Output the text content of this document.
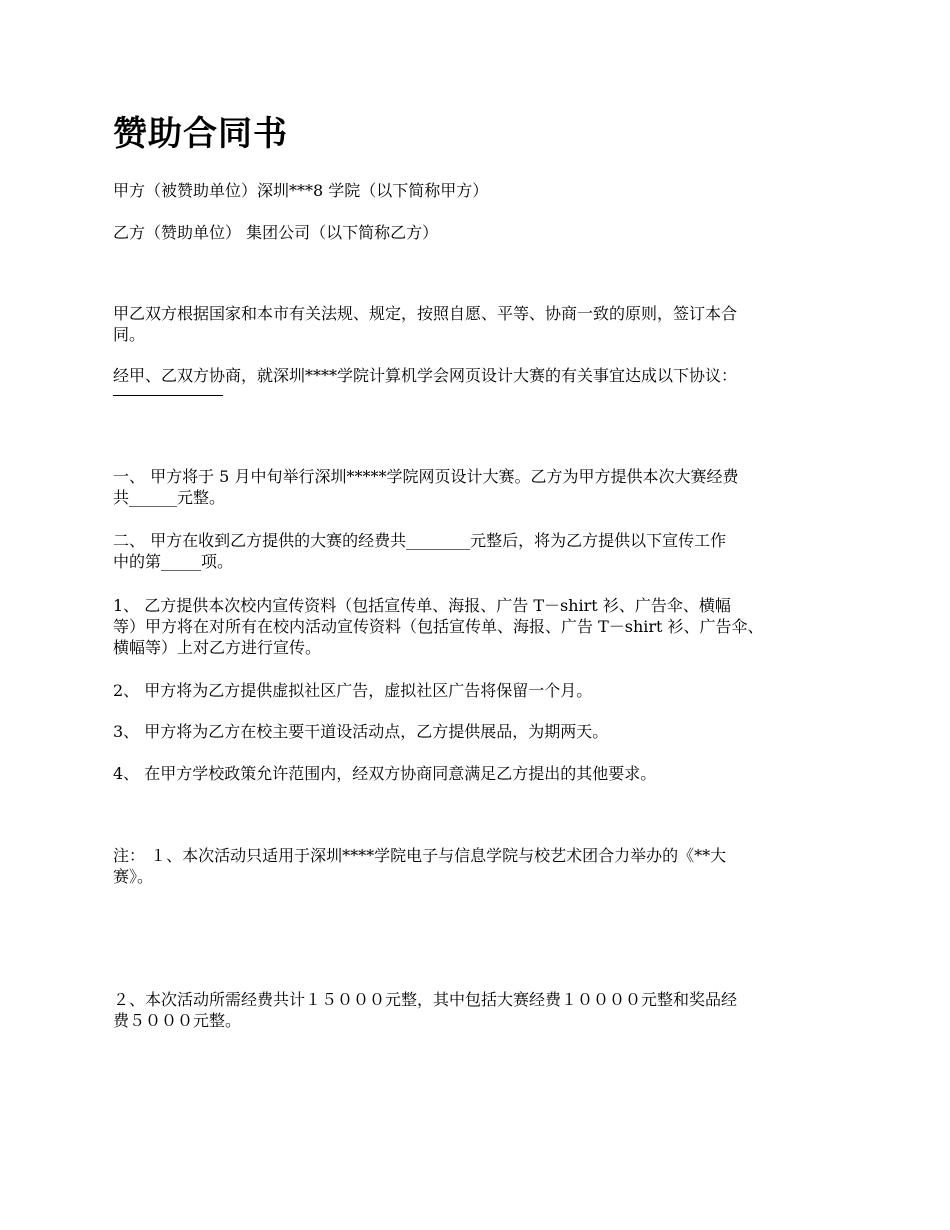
赞助合同书

甲方（被赞助单位）深圳***8 学院（以下简称甲方）

乙方（赞助单位） 集团公司（以下简称乙方）

甲乙双方根据国家和本市有关法规、规定，按照自愿、平等、协商一致的原则，签订本合
同。

经甲、乙双方协商，就深圳****学院计算机学会网页设计大赛的有关事宜达成以下协议：

一、 甲方将于 5 月中旬举行深圳*****学院网页设计大赛。乙方为甲方提供本次大赛经费
共______元整。

二、 甲方在收到乙方提供的大赛的经费共________元整后，将为乙方提供以下宣传工作
中的第_____项。

1、 乙方提供本次校内宣传资料（包括宣传单、海报、广告 T－shirt 衫、广告伞、横幅
等）甲方将在对所有在校内活动宣传资料（包括宣传单、海报、广告 T－shirt 衫、广告伞、
横幅等）上对乙方进行宣传。

2、 甲方将为乙方提供虚拟社区广告，虚拟社区广告将保留一个月。

3、 甲方将为乙方在校主要干道设活动点，乙方提供展品，为期两天。

4、 在甲方学校政策允许范围内，经双方协商同意满足乙方提出的其他要求。

注： １、本次活动只适用于深圳****学院电子与信息学院与校艺术团合力举办的《**大
赛》。

２、本次活动所需经费共计１５０００元整，其中包括大赛经费１００００元整和奖品经
费５０００元整。
